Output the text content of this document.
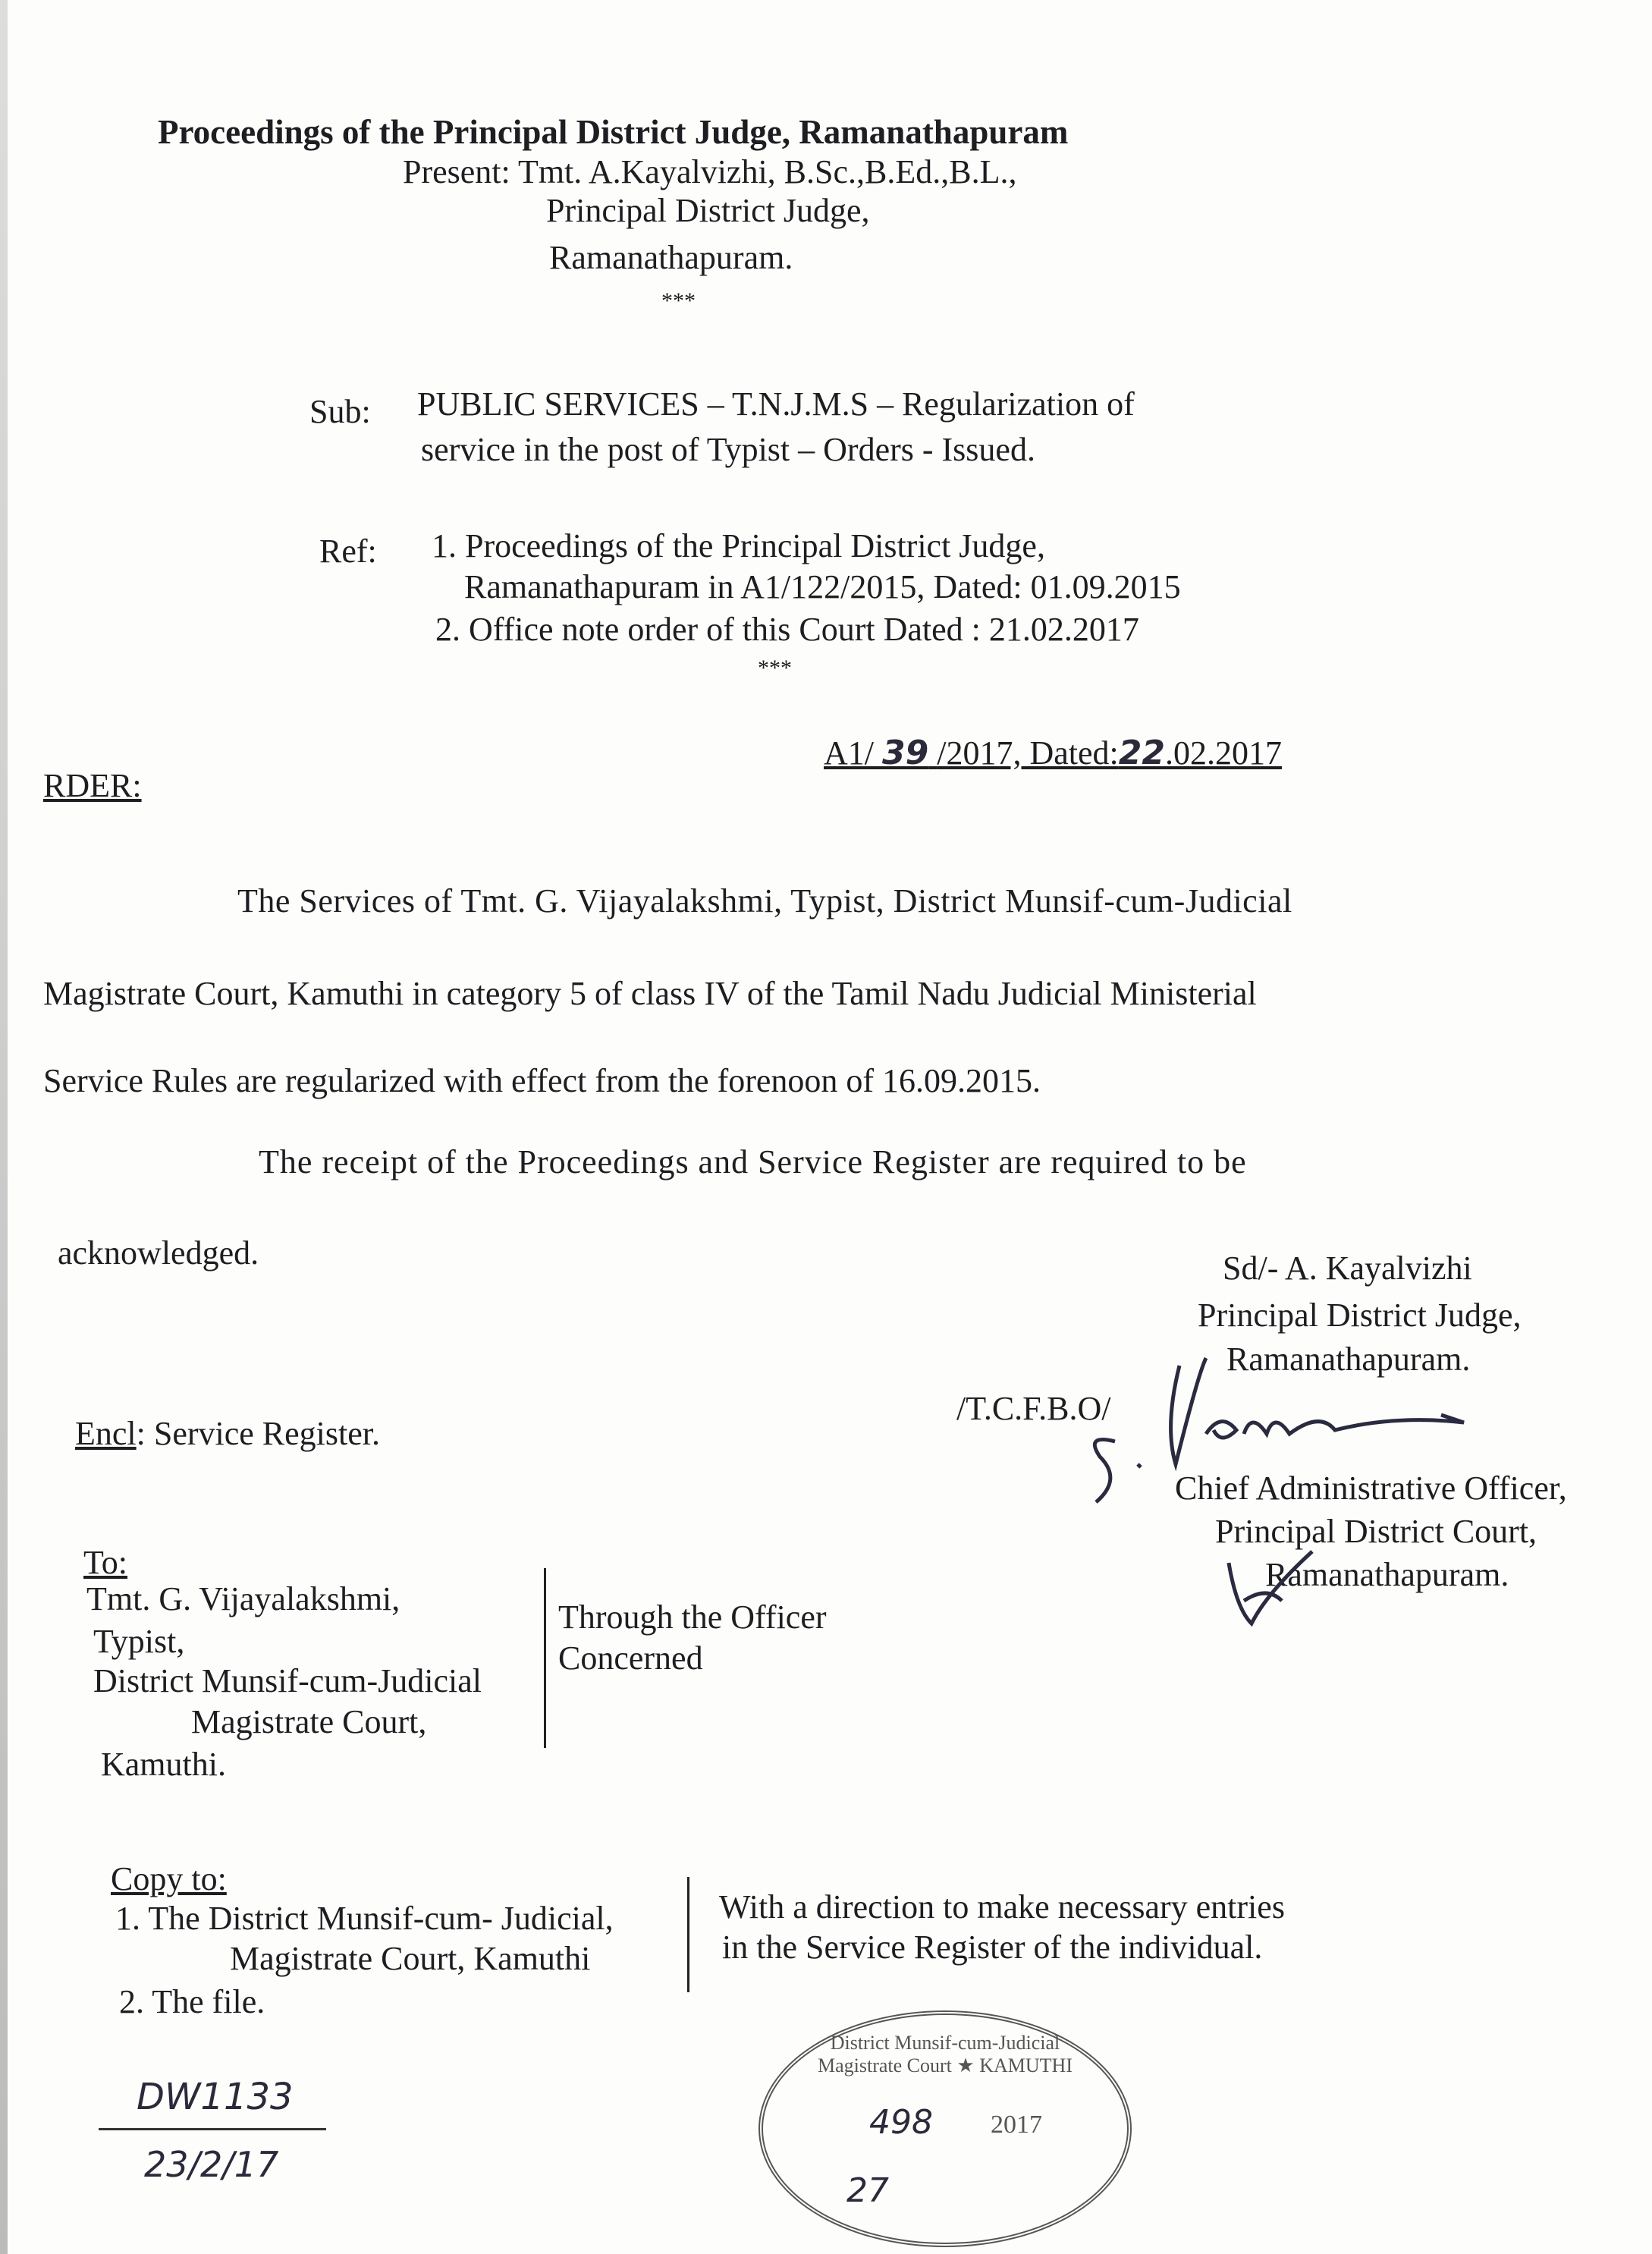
Proceedings of the Principal District Judge, Ramanathapuram
Present: Tmt. A.Kayalvizhi, B.Sc.,B.Ed.,B.L.,
Principal District Judge,
Ramanathapuram.
***
Sub: PUBLIC SERVICES – T.N.J.M.S – Regularization of
service in the post of Typist – Orders - Issued.
Ref: 1. Proceedings of the Principal District Judge,
Ramanathapuram in A1/122/2015, Dated: 01.09.2015
2. Office note order of this Court Dated : 21.02.2017
***
RDER:
A1/ 39 /2017, Dated:22.02.2017
The Services of Tmt. G. Vijayalakshmi, Typist, District Munsif-cum-Judicial
Magistrate Court, Kamuthi in category 5 of class IV of the Tamil Nadu Judicial Ministerial
Service Rules are regularized with effect from the forenoon of 16.09.2015.
The receipt of the Proceedings and Service Register are required to be
acknowledged.	Sd/- A. Kayalvizhi
Principal District Judge,
Ramanathapuram.
Encl: Service Register.
/T.C.F.B.O/
Chief Administrative Officer,
Principal District Court,
Ramanathapuram.
To:
Tmt. G. Vijayalakshmi,
Typist,
District Munsif-cum-Judicial
Magistrate Court,
Kamuthi.
Through the Officer
Concerned
Copy to:
1. The District Munsif-cum- Judicial,
Magistrate Court, Kamuthi
2. The file.
With a direction to make necessary entries
in the Service Register of the individual.
DW1133
23/2/17
District Munsif-cum-Judicial Magistrate Court ★ KAMUTHI
498 2017
27
